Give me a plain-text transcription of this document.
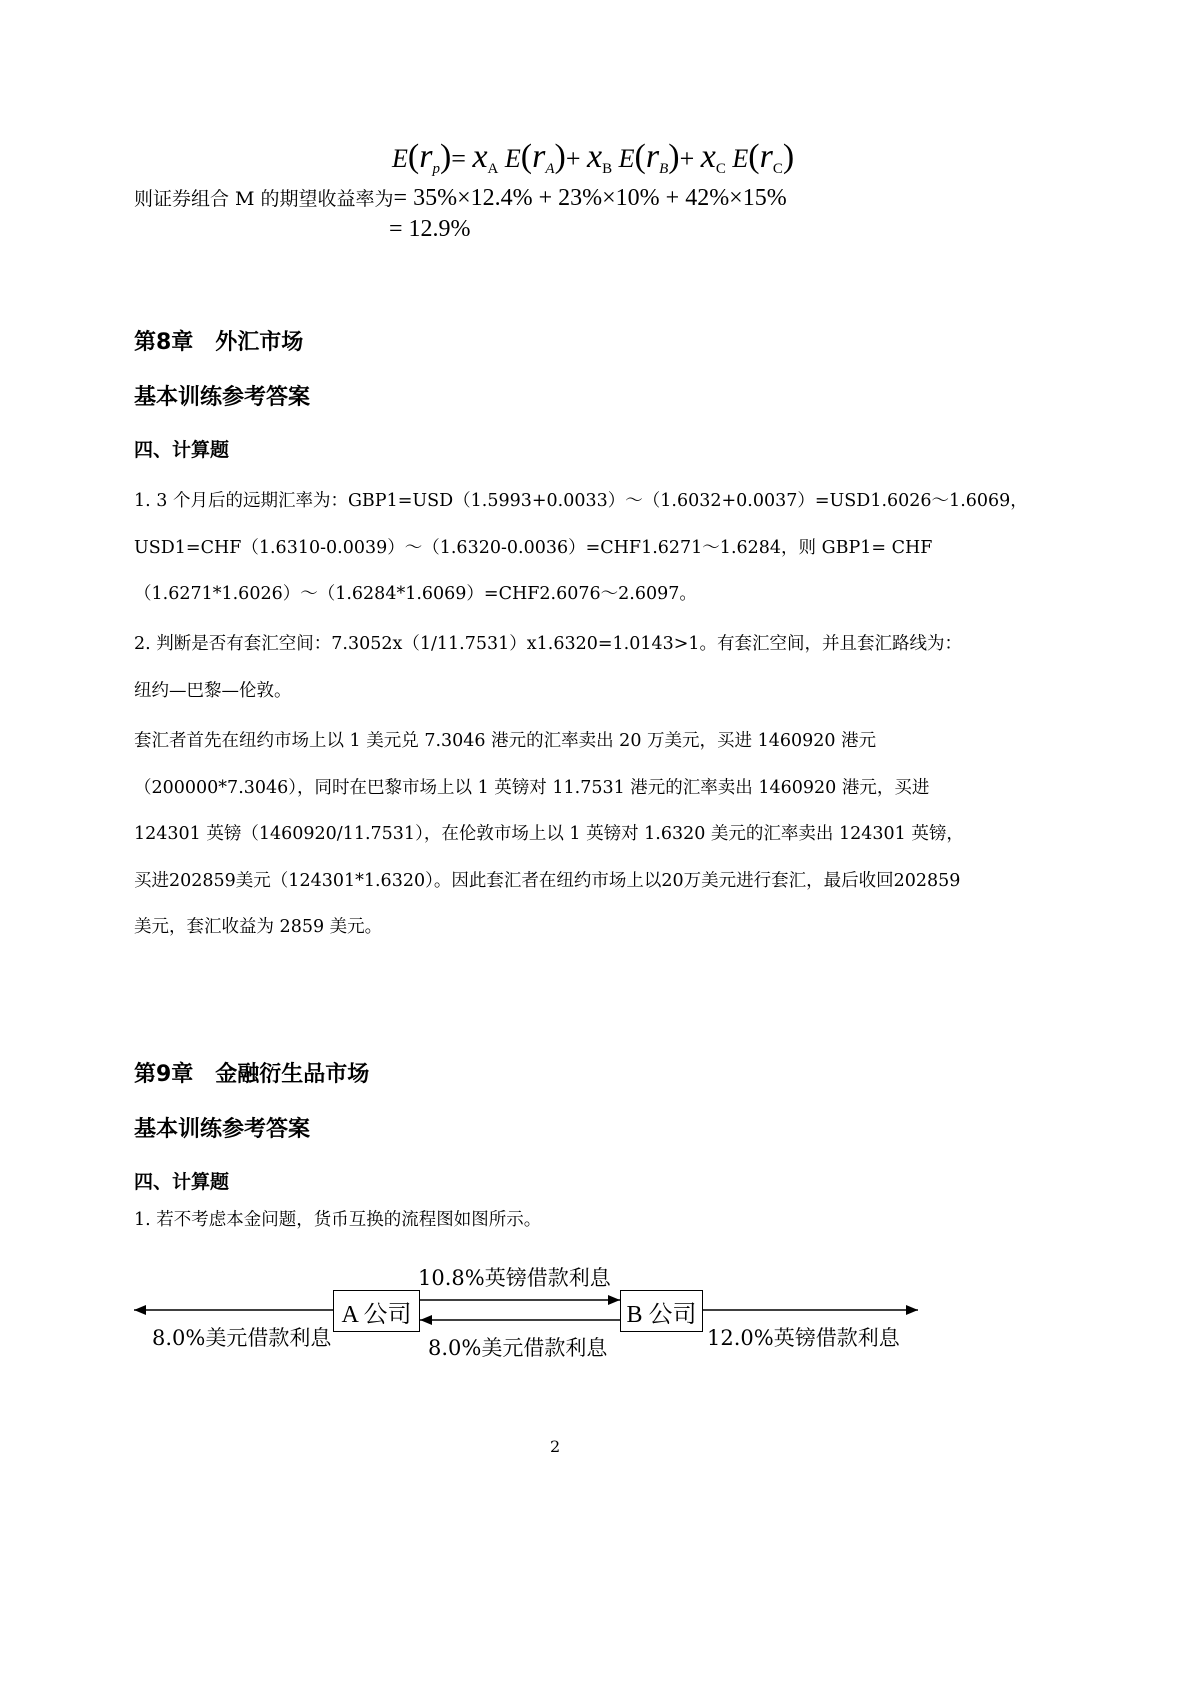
$E(r_p)= x_A$ $E(r_A)+ x_B$ $E(r_B)+ x_C$ $E(r_C)$
则证券组合 M 的期望收益率为= 35%×12.4% + 23%×10% + 42%×15%
= 12.9%
第8章　外汇市场
基本训练参考答案
四、计算题
1. 3 个月后的远期汇率为：GBP1=USD（1.5993+0.0033）～（1.6032+0.0037）=USD1.6026～1.6069，
USD1=CHF（1.6310-0.0039）～（1.6320-0.0036）=CHF1.6271～1.6284，则 GBP1= CHF
（1.6271*1.6026）～（1.6284*1.6069）=CHF2.6076～2.6097。
2. 判断是否有套汇空间：7.3052x（1/11.7531）x1.6320=1.0143>1。有套汇空间，并且套汇路线为：
纽约—巴黎—伦敦。
套汇者首先在纽约市场上以 1 美元兑 7.3046 港元的汇率卖出 20 万美元，买进 1460920 港元
（200000*7.3046），同时在巴黎市场上以 1 英镑对 11.7531 港元的汇率卖出 1460920 港元，买进
124301 英镑（1460920/11.7531），在伦敦市场上以 1 英镑对 1.6320 美元的汇率卖出 124301 英镑，
买进202859美元（124301*1.6320）。因此套汇者在纽约市场上以20万美元进行套汇，最后收回202859
美元，套汇收益为 2859 美元。
第9章　金融衍生品市场
基本训练参考答案
四、计算题
1. 若不考虑本金问题，货币互换的流程图如图所示。
A 公司	B 公司
10.8%英镑借款利息
8.0%美元借款利息
8.0%美元借款利息	12.0%英镑借款利息
2
